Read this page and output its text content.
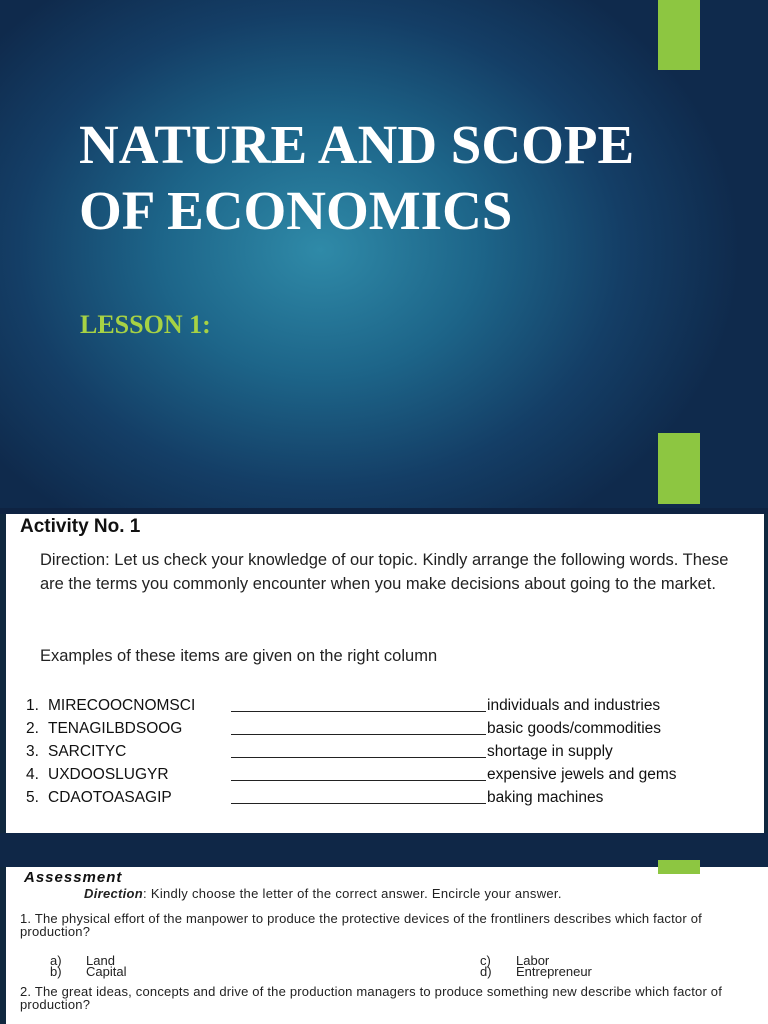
NATURE AND SCOPE
OF ECONOMICS

LESSON 1:

Activity No. 1

Direction: Let us check your knowledge of our topic. Kindly arrange the following words. These are the terms you commonly encounter when you make decisions about going to the market.

Examples of these items are given on the right column

1. MIRECOOCNOMSCI	individuals and industries
2. TENAGILBDSOOG	basic goods/commodities
3. SARCITYC	shortage in supply
4. UXDOOSLUGYR	expensive jewels and gems
5. CDAOTOASAGIP	baking machines
Assessment

Direction: Kindly choose the letter of the correct answer. Encircle your answer.

1. The physical effort of the manpower to produce the protective devices of the frontliners describes which factor of production?

a) Land
b) Capital
c) Labor
d) Entrepreneur

2. The great ideas, concepts and drive of the production managers to produce something new describe which factor of production?
